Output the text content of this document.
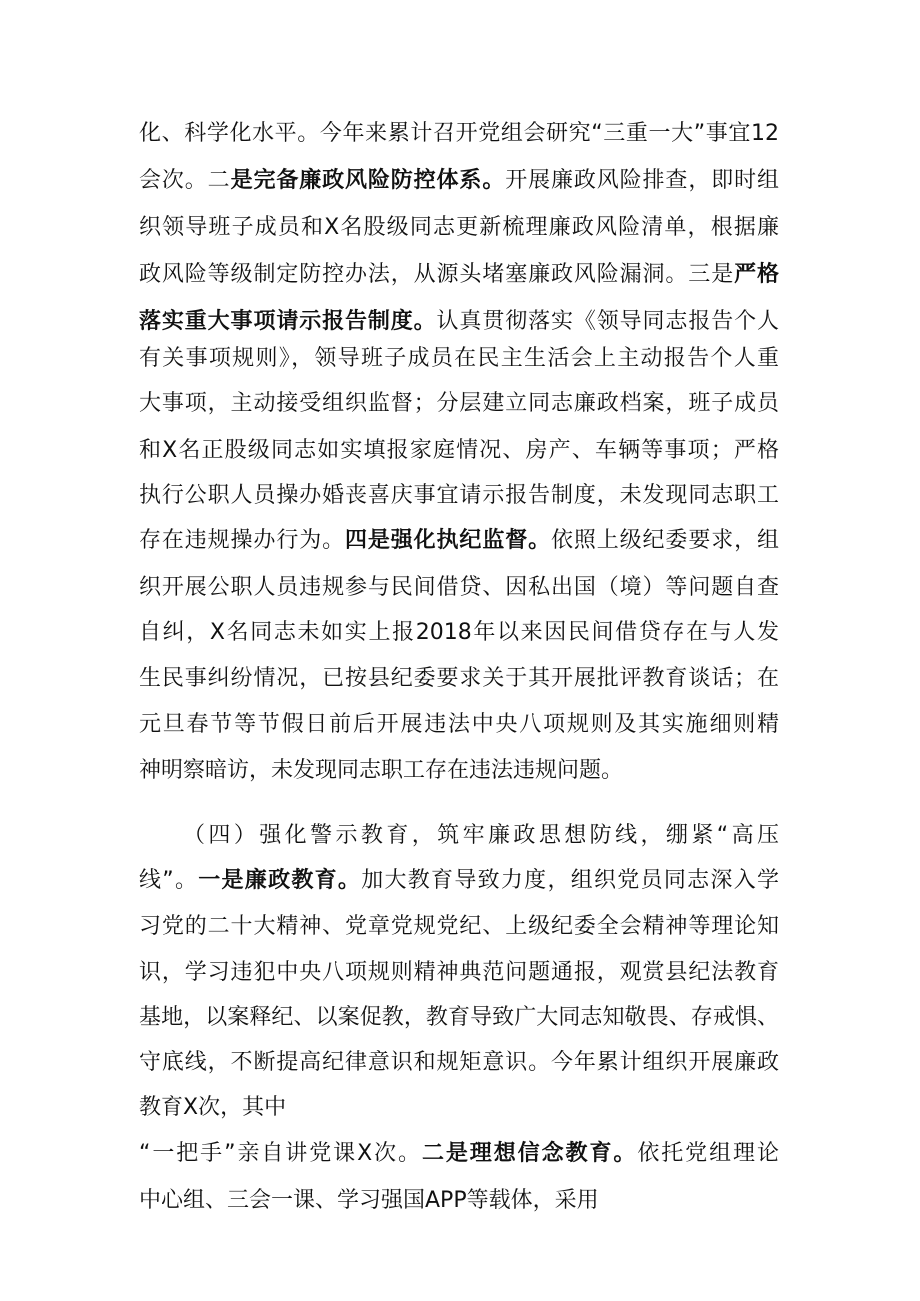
化、科学化水平。今年来累计召开党组会研究“三重一大”事宜12
会次。二是完备廉政风险防控体系。开展廉政风险排查，即时组
织领导班子成员和X名股级同志更新梳理廉政风险清单，根据廉
政风险等级制定防控办法，从源头堵塞廉政风险漏洞。三是严格
落实重大事项请示报告制度。认真贯彻落实《领导同志报告个人
有关事项规则》，领导班子成员在民主生活会上主动报告个人重
大事项，主动接受组织监督；分层建立同志廉政档案，班子成员
和X名正股级同志如实填报家庭情况、房产、车辆等事项；严格
执行公职人员操办婚丧喜庆事宜请示报告制度，未发现同志职工
存在违规操办行为。四是强化执纪监督。依照上级纪委要求，组
织开展公职人员违规参与民间借贷、因私出国（境）等问题自查
自纠，X名同志未如实上报2018年以来因民间借贷存在与人发
生民事纠纷情况，已按县纪委要求关于其开展批评教育谈话；在
元旦春节等节假日前后开展违法中央八项规则及其实施细则精
神明察暗访，未发现同志职工存在违法违规问题。
（四）强化警示教育，筑牢廉政思想防线，绷紧“高压
线”。一是廉政教育。加大教育导致力度，组织党员同志深入学
习党的二十大精神、党章党规党纪、上级纪委全会精神等理论知
识，学习违犯中央八项规则精神典范问题通报，观赏县纪法教育
基地，以案释纪、以案促教，教育导致广大同志知敬畏、存戒惧、
守底线，不断提高纪律意识和规矩意识。今年累计组织开展廉政
教育X次，其中
“一把手”亲自讲党课X次。二是理想信念教育。依托党组理论
中心组、三会一课、学习强国APP等载体，采用
